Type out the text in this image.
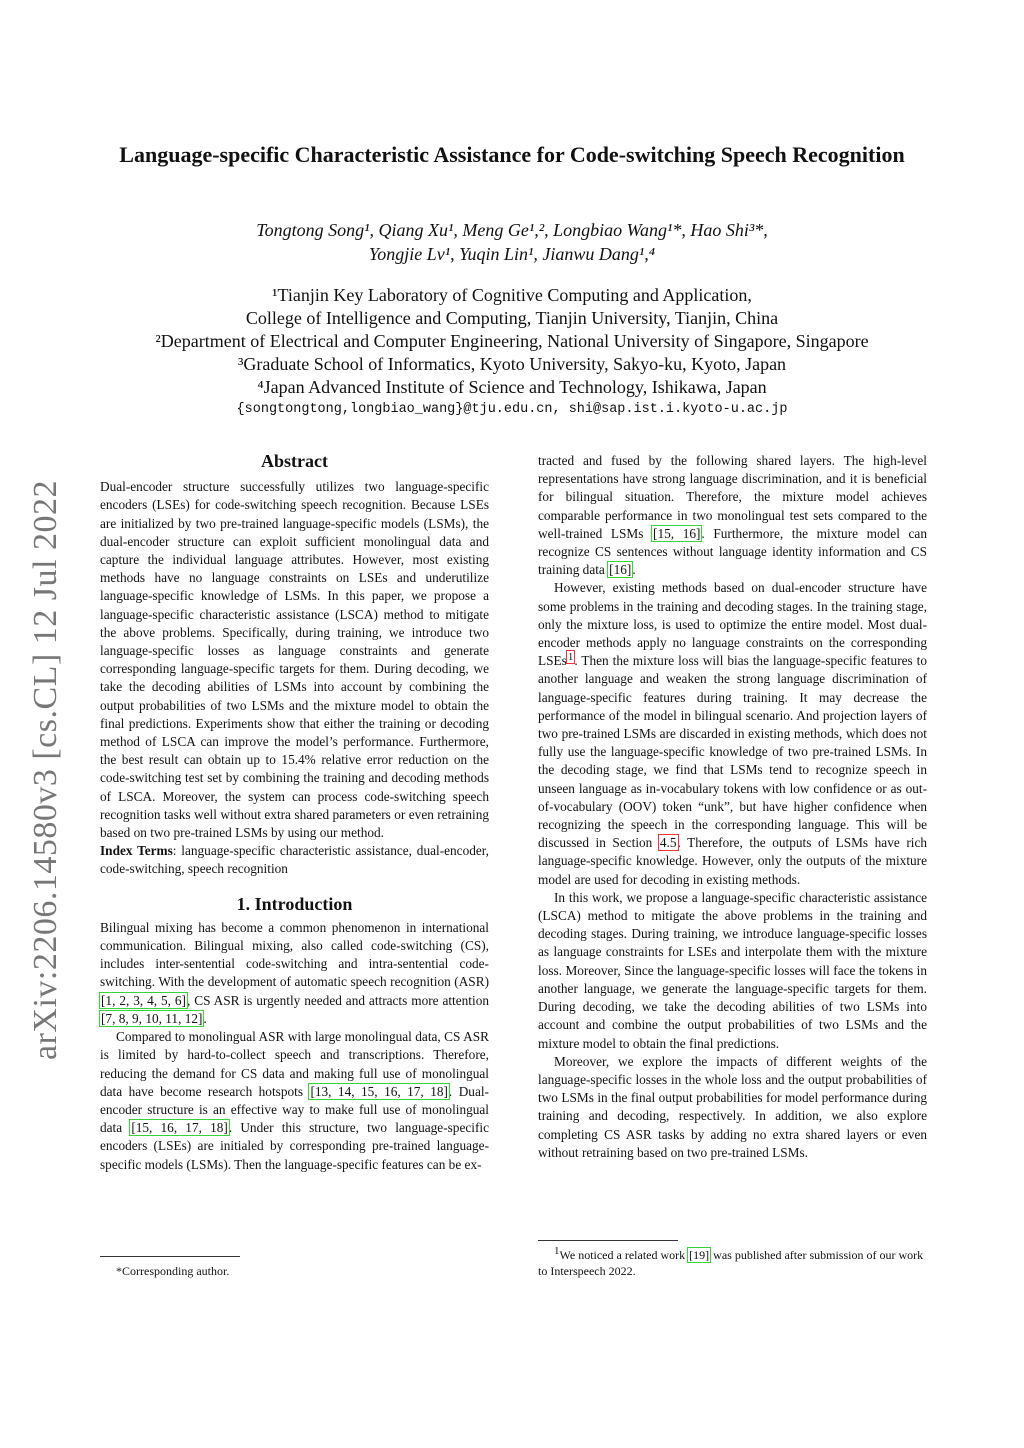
Language-specific Characteristic Assistance for Code-switching Speech Recognition
Tongtong Song¹, Qiang Xu¹, Meng Ge¹,², Longbiao Wang¹*, Hao Shi³*,
Yongjie Lv¹, Yuqin Lin¹, Jianwu Dang¹,⁴
¹Tianjin Key Laboratory of Cognitive Computing and Application,
College of Intelligence and Computing, Tianjin University, Tianjin, China
²Department of Electrical and Computer Engineering, National University of Singapore, Singapore
³Graduate School of Informatics, Kyoto University, Sakyo-ku, Kyoto, Japan
⁴Japan Advanced Institute of Science and Technology, Ishikawa, Japan
{songtongtong,longbiao_wang}@tju.edu.cn, shi@sap.ist.i.kyoto-u.ac.jp
arXiv:2206.14580v3 [cs.CL] 12 Jul 2022
Abstract

Dual-encoder structure successfully utilizes two language-specific encoders (LSEs) for code-switching speech recognition. Because LSEs are initialized by two pre-trained language-specific models (LSMs), the dual-encoder structure can exploit sufficient monolingual data and capture the individual language attributes. However, most existing methods have no language constraints on LSEs and underutilize language-specific knowledge of LSMs. In this paper, we propose a language-specific characteristic assistance (LSCA) method to mitigate the above problems. Specifically, during training, we introduce two language-specific losses as language constraints and generate corresponding language-specific targets for them. During decoding, we take the decoding abilities of LSMs into account by combining the output probabilities of two LSMs and the mixture model to obtain the final predictions. Experiments show that either the training or decoding method of LSCA can improve the model’s performance. Furthermore, the best result can obtain up to 15.4% relative error reduction on the code-switching test set by combining the training and decoding methods of LSCA. Moreover, the system can process code-switching speech recognition tasks well without extra shared parameters or even retraining based on two pre-trained LSMs by using our method.

Index Terms: language-specific characteristic assistance, dual-encoder, code-switching, speech recognition

1. Introduction

Bilingual mixing has become a common phenomenon in international communication. Bilingual mixing, also called code-switching (CS), includes inter-sentential code-switching and intra-sentential code-switching. With the development of automatic speech recognition (ASR) [1, 2, 3, 4, 5, 6], CS ASR is urgently needed and attracts more attention [7, 8, 9, 10, 11, 12].

Compared to monolingual ASR with large monolingual data, CS ASR is limited by hard-to-collect speech and transcriptions. Therefore, reducing the demand for CS data and making full use of monolingual data have become research hotspots [13, 14, 15, 16, 17, 18]. Dual-encoder structure is an effective way to make full use of monolingual data [15, 16, 17, 18]. Under this structure, two language-specific encoders (LSEs) are initialed by corresponding pre-trained language-specific models (LSMs). Then the language-specific features can be ex-

*Corresponding author.

tracted and fused by the following shared layers. The high-level representations have strong language discrimination, and it is beneficial for bilingual situation. Therefore, the mixture model achieves comparable performance in two monolingual test sets compared to the well-trained LSMs [15, 16]. Furthermore, the mixture model can recognize CS sentences without language identity information and CS training data [16].

However, existing methods based on dual-encoder structure have some problems in the training and decoding stages. In the training stage, only the mixture loss, is used to optimize the entire model. Most dual-encoder methods apply no language constraints on the corresponding LSEs$^1$. Then the mixture loss will bias the language-specific features to another language and weaken the strong language discrimination of language-specific features during training. It may decrease the performance of the model in bilingual scenario. And projection layers of two pre-trained LSMs are discarded in existing methods, which does not fully use the language-specific knowledge of two pre-trained LSMs. In the decoding stage, we find that LSMs tend to recognize speech in unseen language as in-vocabulary tokens with low confidence or as out-of-vocabulary (OOV) token “unk”, but have higher confidence when recognizing the speech in the corresponding language. This will be discussed in Section 4.5. Therefore, the outputs of LSMs have rich language-specific knowledge. However, only the outputs of the mixture model are used for decoding in existing methods.

In this work, we propose a language-specific characteristic assistance (LSCA) method to mitigate the above problems in the training and decoding stages. During training, we introduce language-specific losses as language constraints for LSEs and interpolate them with the mixture loss. Moreover, Since the language-specific losses will face the tokens in another language, we generate the language-specific targets for them. During decoding, we take the decoding abilities of two LSMs into account and combine the output probabilities of two LSMs and the mixture model to obtain the final predictions.

Moreover, we explore the impacts of different weights of the language-specific losses in the whole loss and the output probabilities of two LSMs in the final output probabilities for model performance during training and decoding, respectively. In addition, we also explore completing CS ASR tasks by adding no extra shared layers or even without retraining based on two pre-trained LSMs.

$^1$We noticed a related work [19] was published after submission of our work to Interspeech 2022.
